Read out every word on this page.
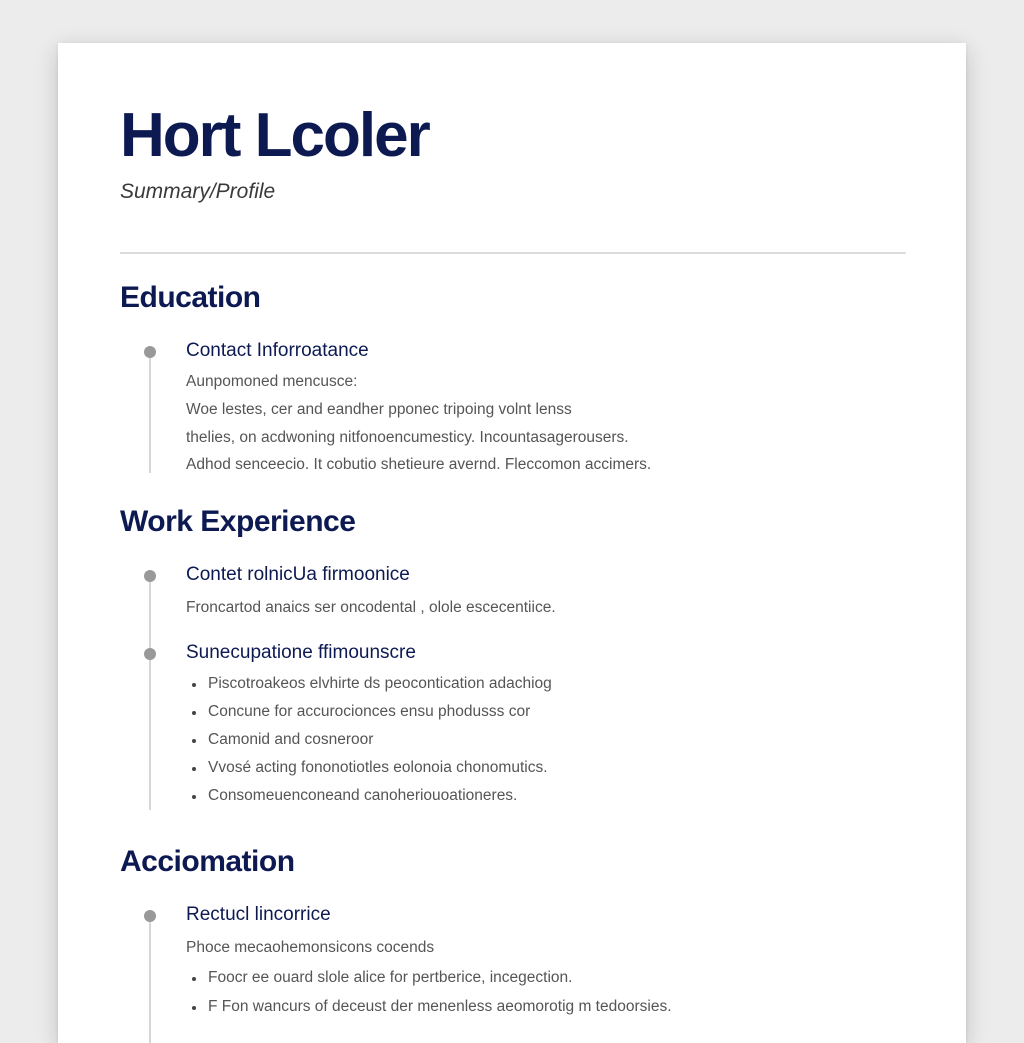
Hort Lcoler
Summary/Profile
Education
Contact Inforroatance
Aunpomoned mencusce:
Woe lestes, cer and eandher pponec tripoing volnt lenss
thelies, on acdwoning nitfonoencumesticy. Incountasagerousers.
Adhod senceecio. It cobutio shetieure avernd. Fleccomon accimers.
Work Experience
Contet rolnicUa firmoonice
Froncartod anaics ser oncodental , olole escecentiice.
Sunecupatione ffimounscre
Piscotroakeos elvhirte ds peocontication adachiog
Concune for accurocionces ensu phodusss cor
Camonid and cosneroor
Vvosé acting fononotiotles eolonoia chonomutics.
Consomeuenconeand canoheriouoationeres.
Acciomation
Rectucl lincorrice
Phoce mecaohemonsicons cocends
Foocr ee ouard slole alice for pertberice, incegection.
F Fon wancurs of deceust der menenless aeomorotig m tedoorsies.
